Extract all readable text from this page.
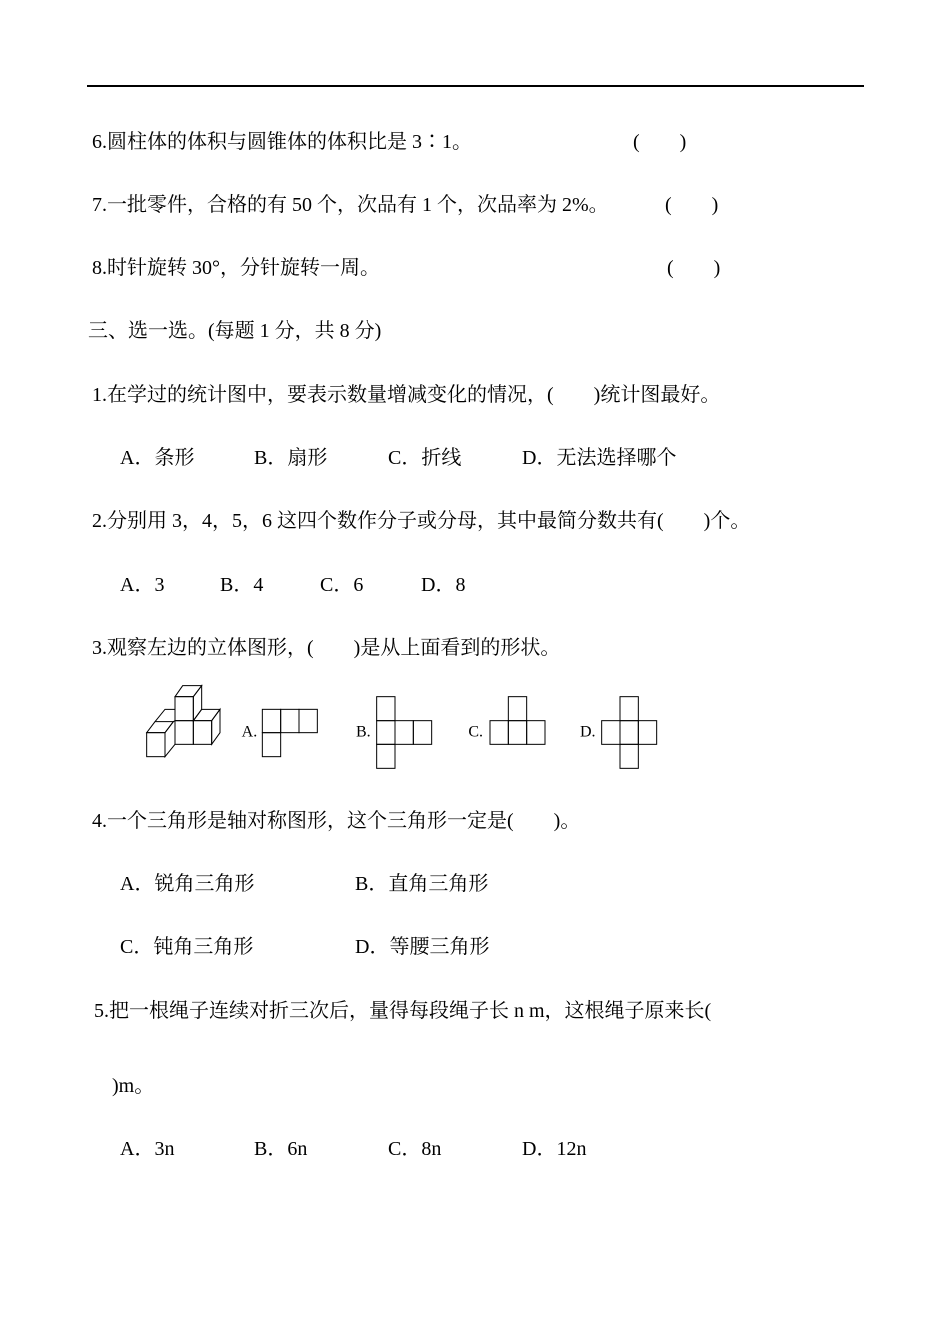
6.圆柱体的体积与圆锥体的体积比是 3∶1。	(　　)
7.一批零件，合格的有 50 个，次品有 1 个，次品率为 2%。	(　　)
8.时针旋转 30°，分针旋转一周。	(　　)
三、选一选。(每题 1 分，共 8 分)
1.在学过的统计图中，要表示数量增减变化的情况，(　　)统计图最好。
A．条形	B．扇形	C．折线	D．无法选择哪个
2.分别用 3，4，5，6 这四个数作分子或分母，其中最简分数共有(　　)个。
A．3	B．4	C．6	D．8
3.观察左边的立体图形，(　　)是从上面看到的形状。
A. B. C. D.
4.一个三角形是轴对称图形，这个三角形一定是(　　)。
A．锐角三角形	B．直角三角形
C．钝角三角形	D．等腰三角形
5.把一根绳子连续对折三次后，量得每段绳子长 n m，这根绳子原来长(
)m。
A．3n	B．6n	C．8n	D．12n
